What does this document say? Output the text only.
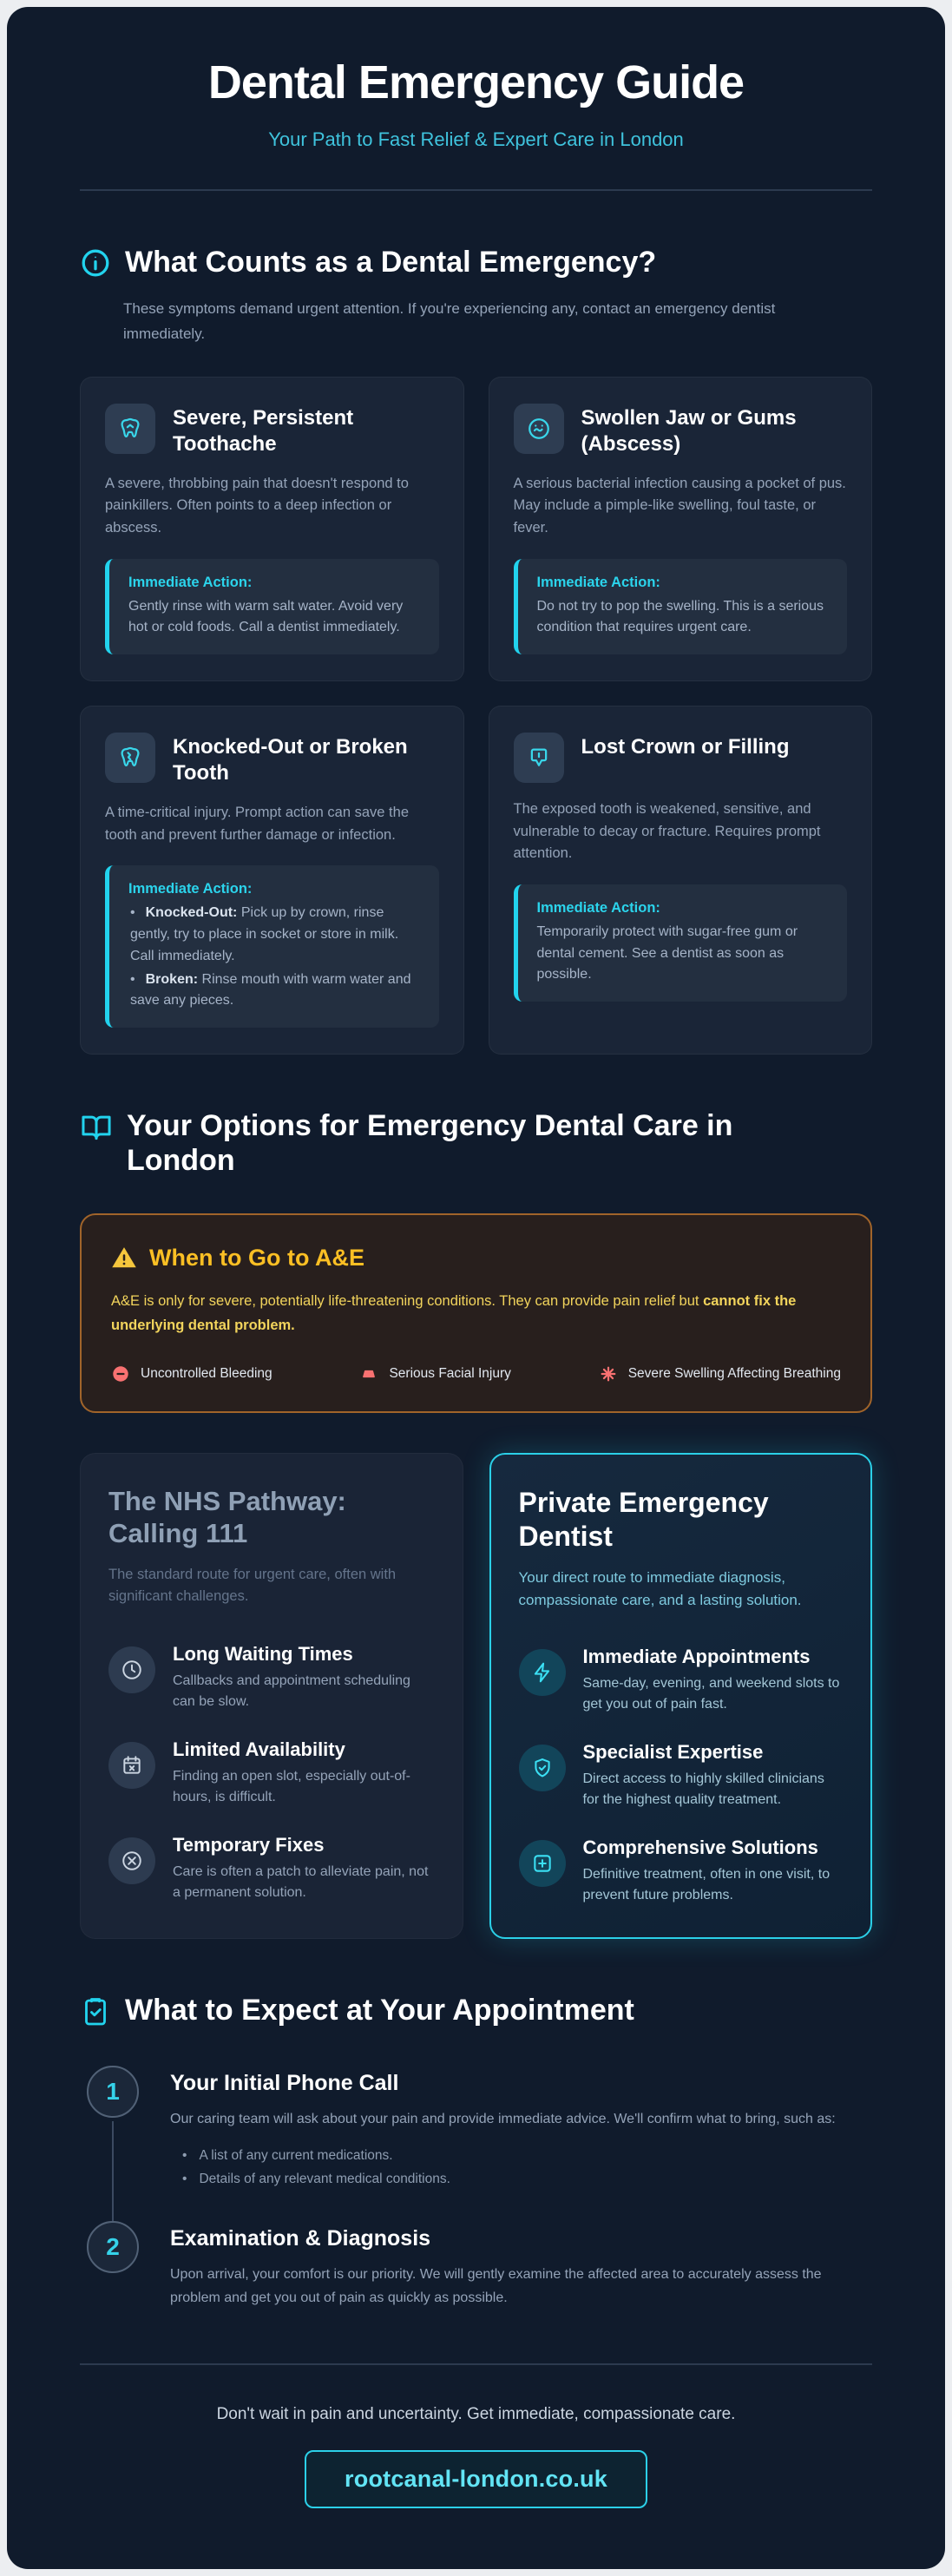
Dental Emergency Guide
Your Path to Fast Relief & Expert Care in London
What Counts as a Dental Emergency?

These symptoms demand urgent attention. If you're experiencing any, contact an emergency dentist immediately.

Severe, Persistent Toothache

A severe, throbbing pain that doesn't respond to painkillers. Often points to a deep infection or abscess.

Immediate Action:
Gently rinse with warm salt water. Avoid very hot or cold foods. Call a dentist immediately.
Swollen Jaw or Gums (Abscess)

A serious bacterial infection causing a pocket of pus. May include a pimple-like swelling, foul taste, or fever.

Immediate Action:
Do not try to pop the swelling. This is a serious condition that requires urgent care.
Knocked-Out or Broken Tooth

A time-critical injury. Prompt action can save the tooth and prevent further damage or infection.

Immediate Action:
• Knocked-Out: Pick up by crown, rinse gently, try to place in socket or store in milk. Call immediately.
• Broken: Rinse mouth with warm water and save any pieces.
Lost Crown or Filling

The exposed tooth is weakened, sensitive, and vulnerable to decay or fracture. Requires prompt attention.

Immediate Action:
Temporarily protect with sugar-free gum or dental cement. See a dentist as soon as possible.
Your Options for Emergency Dental Care in London
When to Go to A&E

A&E is only for severe, potentially life-threatening conditions. They can provide pain relief but cannot fix the underlying dental problem.

Uncontrolled Bleeding	Serious Facial Injury	Severe Swelling Affecting Breathing
The NHS Pathway: Calling 111

The standard route for urgent care, often with significant challenges.

Long Waiting Times
Callbacks and appointment scheduling can be slow.
Limited Availability
Finding an open slot, especially out-of-hours, is difficult.
Temporary Fixes
Care is often a patch to alleviate pain, not a permanent solution.
Private Emergency Dentist

Your direct route to immediate diagnosis, compassionate care, and a lasting solution.

Immediate Appointments
Same-day, evening, and weekend slots to get you out of pain fast.
Specialist Expertise
Direct access to highly skilled clinicians for the highest quality treatment.
Comprehensive Solutions
Definitive treatment, often in one visit, to prevent future problems.
What to Expect at Your Appointment
1	Your Initial Phone Call

Our caring team will ask about your pain and provide immediate advice. We'll confirm what to bring, such as:

• A list of any current medications.
• Details of any relevant medical conditions.
2	Examination & Diagnosis

Upon arrival, your comfort is our priority. We will gently examine the affected area to accurately assess the problem and get you out of pain as quickly as possible.

Don't wait in pain and uncertainty. Get immediate, compassionate care.

rootcanal-london.co.uk
